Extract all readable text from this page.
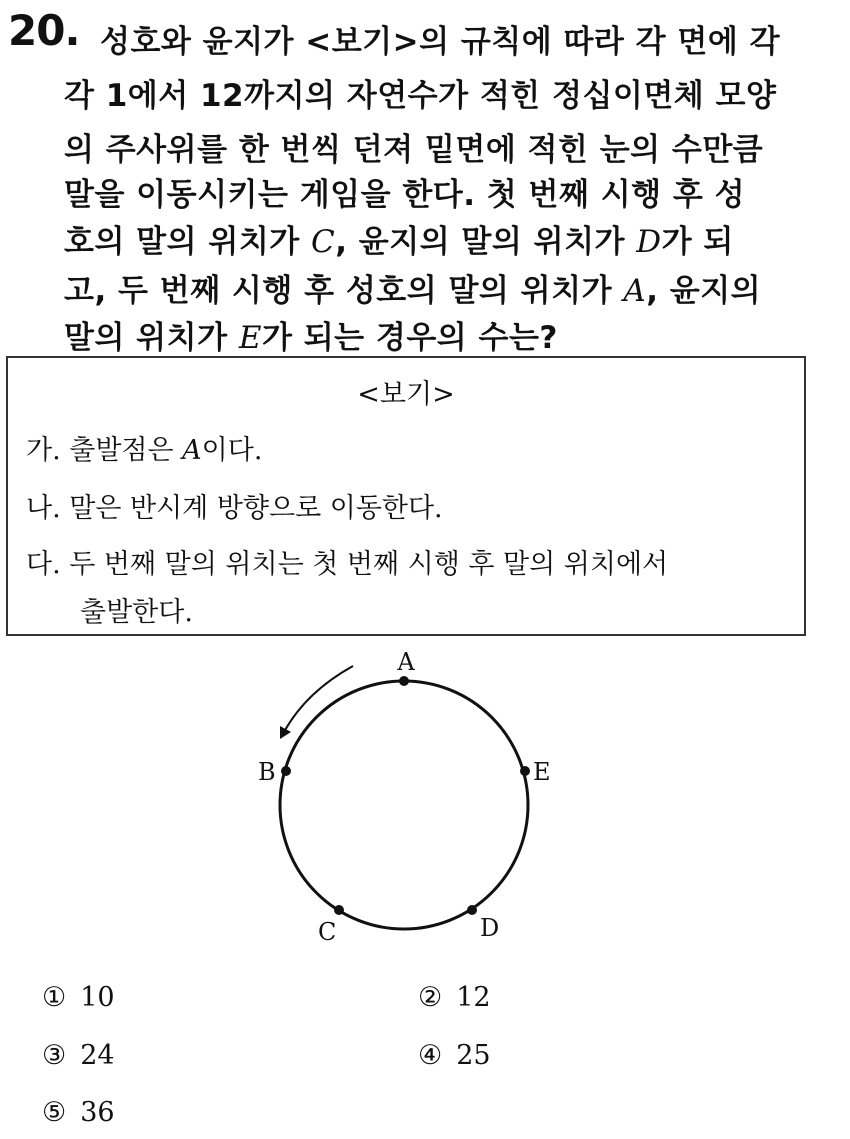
20. 성호와 윤지가 <보기>의 규칙에 따라 각 면에 각
각 1에서 12까지의 자연수가 적힌 정십이면체 모양
의 주사위를 한 번씩 던져 밑면에 적힌 눈의 수만큼
말을 이동시키는 게임을 한다. 첫 번째 시행 후 성
호의 말의 위치가 C, 윤지의 말의 위치가 D가 되
고, 두 번째 시행 후 성호의 말의 위치가 A, 윤지의
말의 위치가 E가 되는 경우의 수는?
<보기>
가. 출발점은 A이다.
나. 말은 반시계 방향으로 이동한다.
다. 두 번째 말의 위치는 첫 번째 시행 후 말의 위치에서
출발한다.
A
B	E
C	D
① 10	② 12
③ 24	④ 25
⑤ 36
